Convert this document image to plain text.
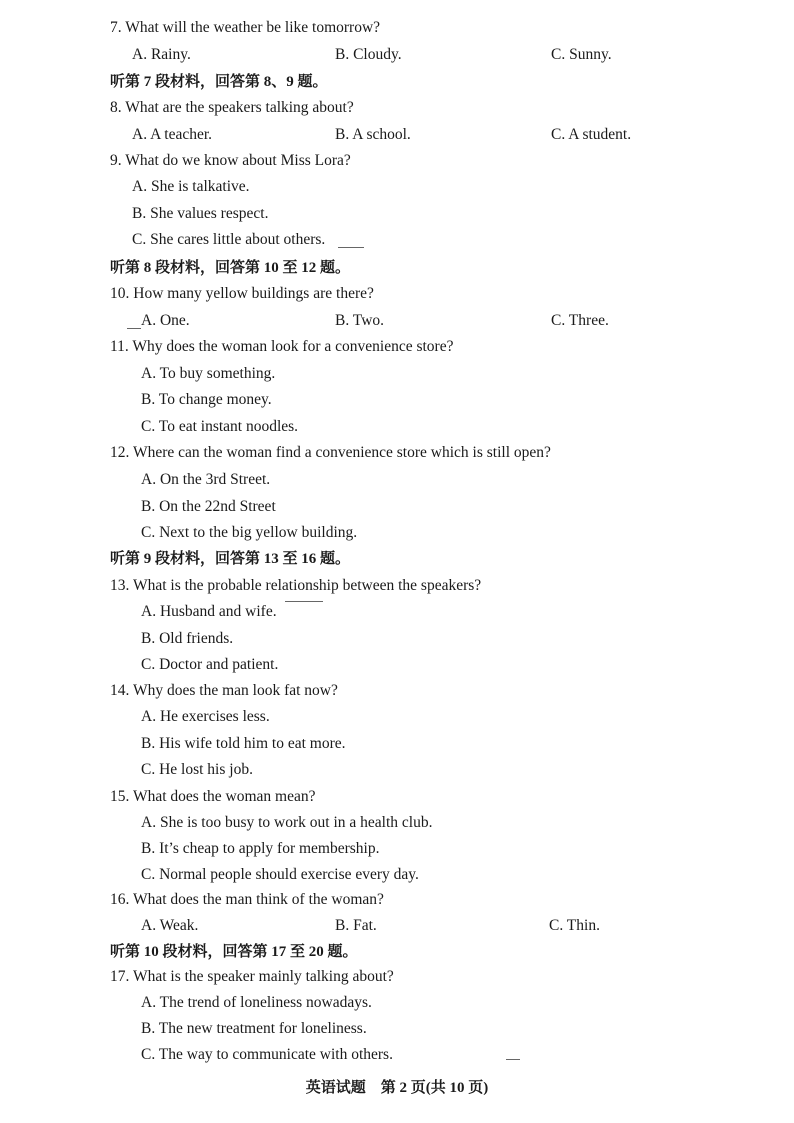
7. What will the weather be like tomorrow?
A. Rainy.	B. Cloudy.	C. Sunny.
听第 7 段材料，回答第 8、9 题。
8. What are the speakers talking about?
A. A teacher.	B. A school.	C. A student.
9. What do we know about Miss Lora?
A. She is talkative.
B. She values respect.
C. She cares little about others.
听第 8 段材料，回答第 10 至 12 题。
10. How many yellow buildings are there?
A. One.	B. Two.	C. Three.
11. Why does the woman look for a convenience store?
A. To buy something.
B. To change money.
C. To eat instant noodles.
12. Where can the woman find a convenience store which is still open?
A. On the 3rd Street.
B. On the 22nd Street
C. Next to the big yellow building.
听第 9 段材料，回答第 13 至 16 题。
13. What is the probable relationship between the speakers?
A. Husband and wife.
B. Old friends.
C. Doctor and patient.
14. Why does the man look fat now?
A. He exercises less.
B. His wife told him to eat more.
C. He lost his job.
15. What does the woman mean?
A. She is too busy to work out in a health club.
B. It’s cheap to apply for membership.
C. Normal people should exercise every day.
16. What does the man think of the woman?
A. Weak.	B. Fat.	C. Thin.
听第 10 段材料，回答第 17 至 20 题。
17. What is the speaker mainly talking about?
A. The trend of loneliness nowadays.
B. The new treatment for loneliness.
C. The way to communicate with others.
英语试题　第 2 页(共 10 页)
